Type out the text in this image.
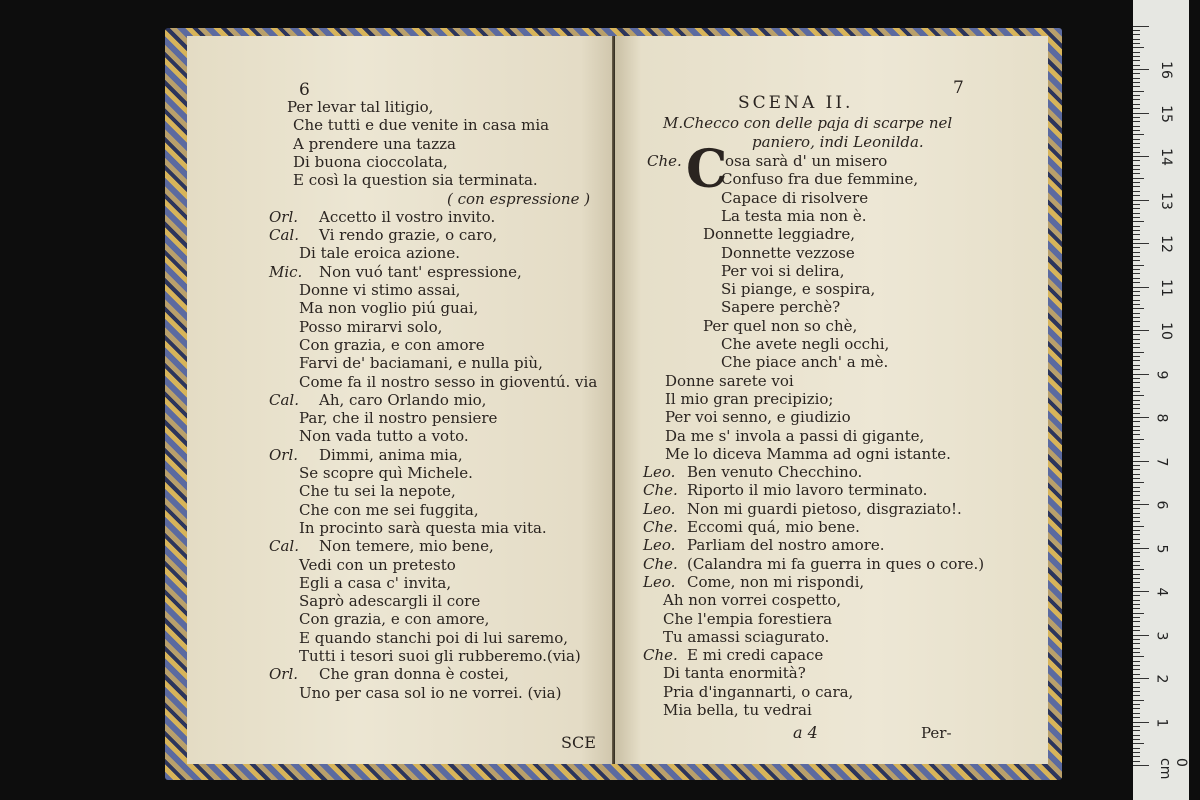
6
Per levar tal litigio,
Che tutti e due venite in casa mia
A prendere una tazza
Di buona cioccolata,
E così la question sia terminata.
( con espressione )
Orl. Accetto il vostro invito.
Cal. Vi rendo grazie, o caro,
Di tale eroica azione.
Mic. Non vuó tant' espressione,
Donne vi stimo assai,
Ma non voglio piú guai,
Posso mirarvi solo,
Con grazia, e con amore
Farvi de' baciamani, e nulla più,
Come fa il nostro sesso in gioventú. via
Cal. Ah, caro Orlando mio,
Par, che il nostro pensiere
Non vada tutto a voto.
Orl. Dimmi, anima mia,
Se scopre quì Michele.
Che tu sei la nepote,
Che con me sei fuggita,
In procinto sarà questa mia vita.
Cal. Non temere, mio bene,
Vedi con un pretesto
Egli a casa c' invita,
Saprò adescargli il core
Con grazia, e con amore,
E quando stanchi poi di lui saremo,
Tutti i tesori suoi gli rubberemo.(via)
Orl. Che gran donna è costei,
Uno per casa sol io ne vorrei. (via)
SCE
7
SCENA II.
M.Checco con delle paja di scarpe nel
paniero, indi Leonilda.
Che. C
osa sarà d' un misero
Confuso fra due femmine,
Capace di risolvere
La testa mia non è.
Donnette leggiadre,
Donnette vezzose
Per voi si delira,
Si piange, e sospira,
Sapere perchè?
Per quel non so chè,
Che avete negli occhi,
Che piace anch' a mè.
Donne sarete voi
Il mio gran precipizio;
Per voi senno, e giudizio
Da me s' invola a passi di gigante,
Me lo diceva Mamma ad ogni istante.
Leo. Ben venuto Checchino.
Che. Riporto il mio lavoro terminato.
Leo. Non mi guardi pietoso, disgraziato!.
Che. Eccomi quá, mio bene.
Leo. Parliam del nostro amore.
Che. (Calandra mi fa guerra in ques o core.)
Leo. Come, non mi rispondi,
Ah non vorrei cospetto,
Che l'empia forestiera
Tu amassi sciagurato.
Che. E mi credi capace
Di tanta enormità?
Pria d'ingannarti, o cara,
Mia bella, tu vedrai
a 4	Per-
16
15
14
13
12
11
10
9
8
7
6
5
4
3
2
1
0 cm
